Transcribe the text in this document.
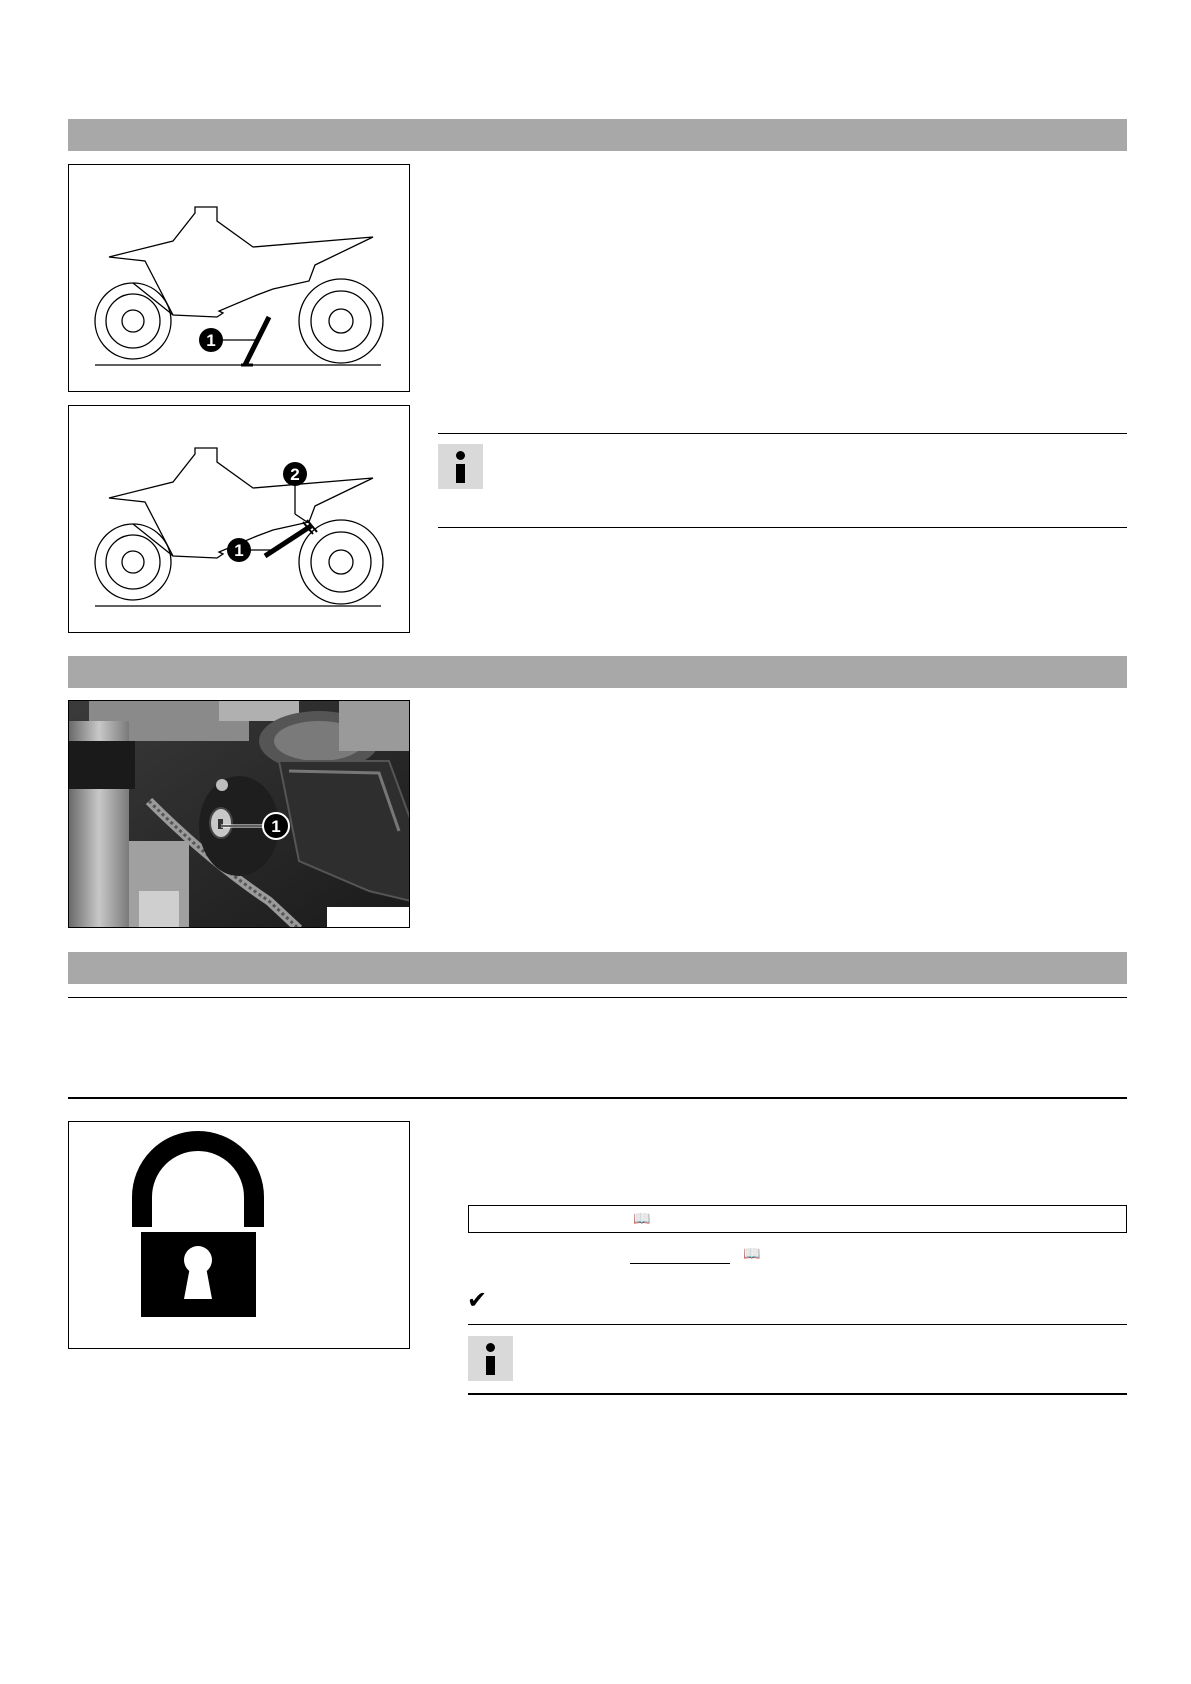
1
2
1
1
📖
📖
✔
